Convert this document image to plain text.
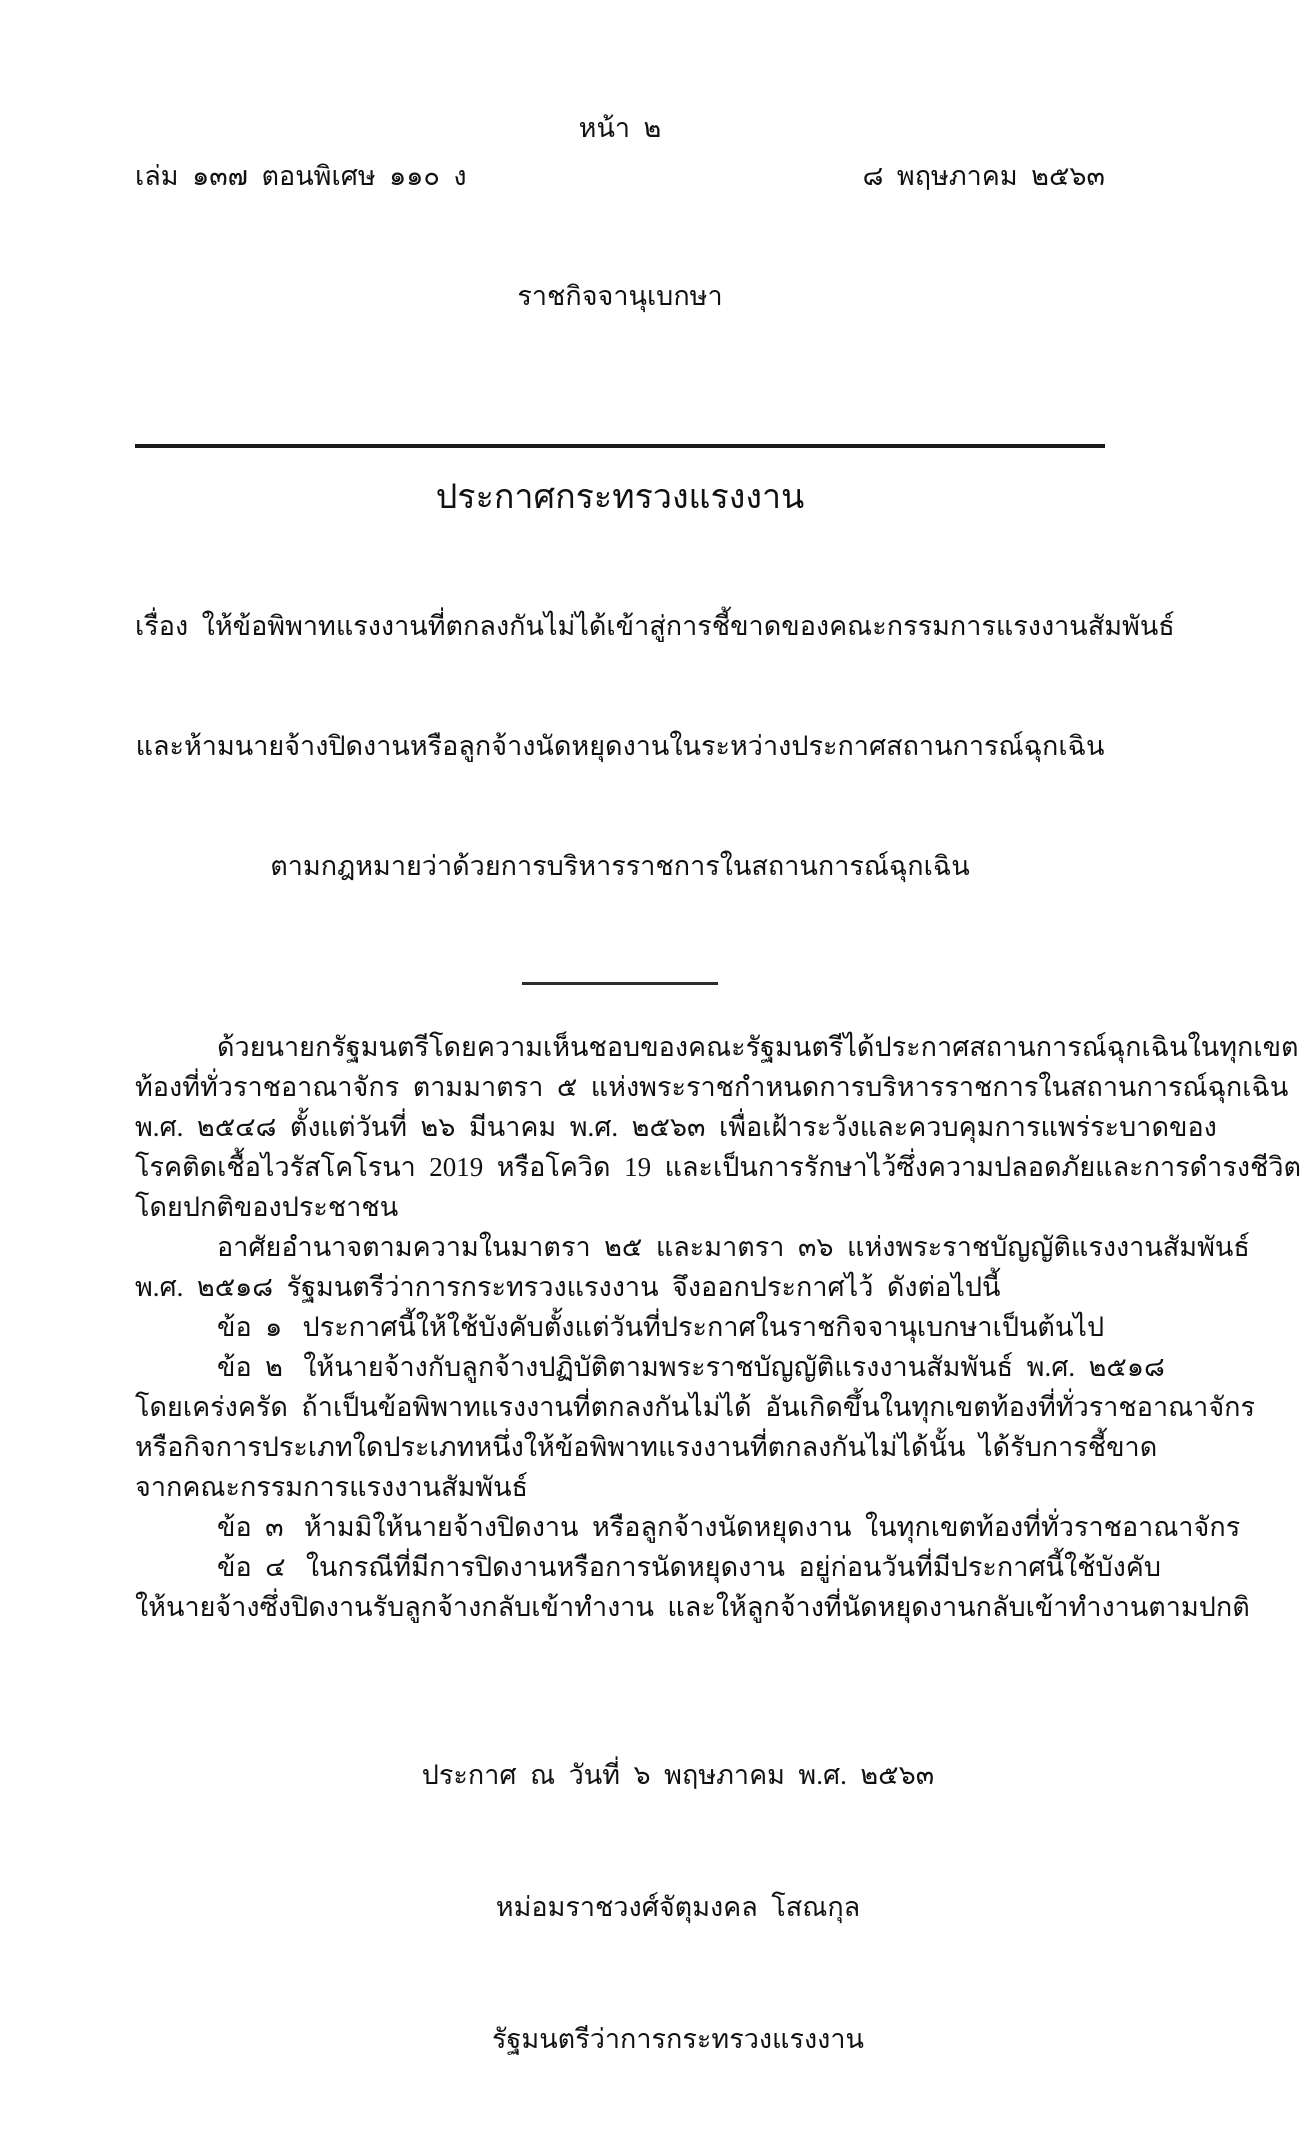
หน้า  ๒

เล่ม  ๑๓๗  ตอนพิเศษ  ๑๑๐  ง

ราชกิจจานุเบกษา

๘  พฤษภาคม  ๒๕๖๓

ประกาศกระทรวงแรงงาน

เรื่อง  ให้ข้อพิพาทแรงงานที่ตกลงกันไม่ได้เข้าสู่การชี้ขาดของคณะกรรมการแรงงานสัมพันธ์

และห้ามนายจ้างปิดงานหรือลูกจ้างนัดหยุดงานในระหว่างประกาศสถานการณ์ฉุกเฉิน

ตามกฎหมายว่าด้วยการบริหารราชการในสถานการณ์ฉุกเฉิน

ด้วยนายกรัฐมนตรีโดยความเห็นชอบของคณะรัฐมนตรีได้ประกาศสถานการณ์ฉุกเฉินในทุกเขต
ท้องที่ทั่วราชอาณาจักร  ตามมาตรา  ๕  แห่งพระราชกำหนดการบริหารราชการในสถานการณ์ฉุกเฉิน
พ.ศ.  ๒๕๔๘  ตั้งแต่วันที่  ๒๖  มีนาคม  พ.ศ.  ๒๕๖๓  เพื่อเฝ้าระวังและควบคุมการแพร่ระบาดของ
โรคติดเชื้อไวรัสโคโรนา  2019  หรือโควิด  19  และเป็นการรักษาไว้ซึ่งความปลอดภัยและการดำรงชีวิต
โดยปกติของประชาชน
อาศัยอำนาจตามความในมาตรา  ๒๕  และมาตรา  ๓๖  แห่งพระราชบัญญัติแรงงานสัมพันธ์
พ.ศ.  ๒๕๑๘  รัฐมนตรีว่าการกระทรวงแรงงาน  จึงออกประกาศไว้  ดังต่อไปนี้
ข้อ  ๑   ประกาศนี้ให้ใช้บังคับตั้งแต่วันที่ประกาศในราชกิจจานุเบกษาเป็นต้นไป
ข้อ  ๒   ให้นายจ้างกับลูกจ้างปฏิบัติตามพระราชบัญญัติแรงงานสัมพันธ์  พ.ศ.  ๒๕๑๘
โดยเคร่งครัด  ถ้าเป็นข้อพิพาทแรงงานที่ตกลงกันไม่ได้  อันเกิดขึ้นในทุกเขตท้องที่ทั่วราชอาณาจักร
หรือกิจการประเภทใดประเภทหนึ่งให้ข้อพิพาทแรงงานที่ตกลงกันไม่ได้นั้น  ได้รับการชี้ขาด
จากคณะกรรมการแรงงานสัมพันธ์
ข้อ  ๓   ห้ามมิให้นายจ้างปิดงาน  หรือลูกจ้างนัดหยุดงาน  ในทุกเขตท้องที่ทั่วราชอาณาจักร
ข้อ  ๔   ในกรณีที่มีการปิดงานหรือการนัดหยุดงาน  อยู่ก่อนวันที่มีประกาศนี้ใช้บังคับ
ให้นายจ้างซึ่งปิดงานรับลูกจ้างกลับเข้าทำงาน  และให้ลูกจ้างที่นัดหยุดงานกลับเข้าทำงานตามปกติ

ประกาศ  ณ  วันที่  ๖  พฤษภาคม  พ.ศ.  ๒๕๖๓

หม่อมราชวงศ์จัตุมงคล  โสณกุล

รัฐมนตรีว่าการกระทรวงแรงงาน
